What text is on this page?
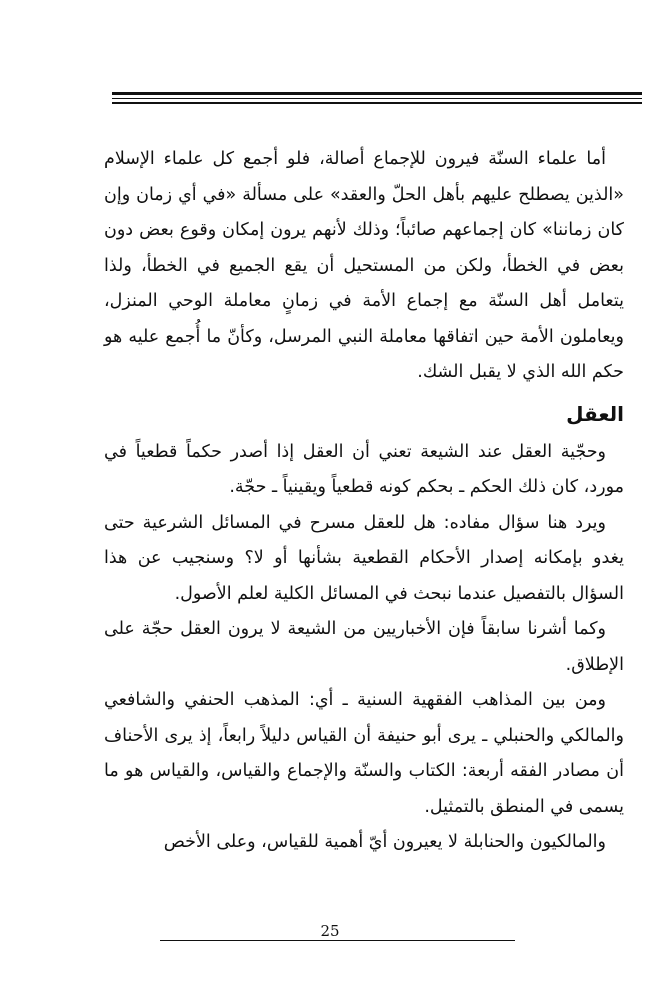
أما علماء السنّة فيرون للإجماع أصالة، فلو أجمع كل علماء الإسلام «الذين يصطلح عليهم بأهل الحلّ والعقد» على مسألة «في أي زمان وإن كان زماننا» كان إجماعهم صائباً؛ وذلك لأنهم يرون إمكان وقوع بعض دون بعض في الخطأ، ولكن من المستحيل أن يقع الجميع في الخطأ، ولذا يتعامل أهل السنّة مع إجماع الأمة في زمانٍ معاملة الوحي المنزل، ويعاملون الأمة حين اتفاقها معاملة النبي المرسل، وكأنّ ما أُجمع عليه هو حكم الله الذي لا يقبل الشك.

العقل

وحجّية العقل عند الشيعة تعني أن العقل إذا أصدر حكماً قطعياً في مورد، كان ذلك الحكم ـ بحكم كونه قطعياً ويقينياً ـ حجّة.

ويرد هنا سؤال مفاده: هل للعقل مسرح في المسائل الشرعية حتى يغدو بإمكانه إصدار الأحكام القطعية بشأنها أو لا؟ وسنجيب عن هذا السؤال بالتفصيل عندما نبحث في المسائل الكلية لعلم الأصول.

وكما أشرنا سابقاً فإن الأخباريين من الشيعة لا يرون العقل حجّة على الإطلاق.

ومن بين المذاهب الفقهية السنية ـ أي: المذهب الحنفي والشافعي والمالكي والحنبلي ـ يرى أبو حنيفة أن القياس دليلاً رابعاً، إذ يرى الأحناف أن مصادر الفقه أربعة: الكتاب والسنّة والإجماع والقياس، والقياس هو ما يسمى في المنطق بالتمثيل.

والمالكيون والحنابلة لا يعيرون أيّ أهمية للقياس، وعلى الأخص

25
